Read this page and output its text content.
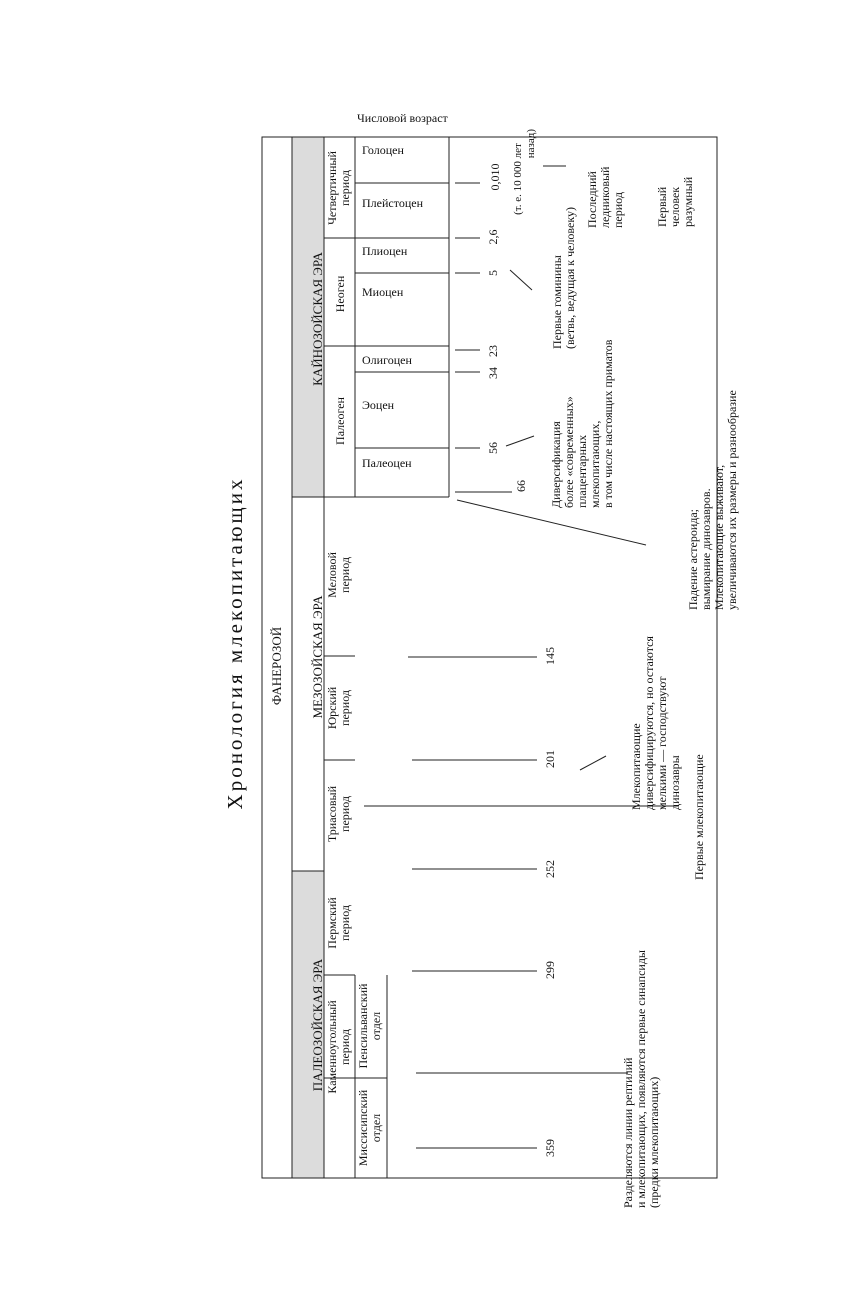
Хронология млекопитающих
Числовой возраст
ФАНЕРОЗОЙ
ПАЛЕОЗОЙСКАЯ ЭРА
МЕЗОЗОЙСКАЯ ЭРА
КАЙНОЗОЙСКАЯ ЭРА
Каменноугольный период
Пермский период
Триасовый период
Юрский период
Меловой период
Палеоген
Неоген
Четвертичный период
Миссисипский отдел
Пенсильванский отдел
Голоцен
Плейстоцен
Плиоцен
Миоцен
Олигоцен
Эоцен
Палеоцен
0,010 (т. е. 10 000 лет назад)
2,6
5
23
34
56
66
145
201
252
299
359	Разделяются линии рептилий и млекопитающих, появляются первые синапсиды (предки млекопитающих)
Первые млекопитающие
Млекопитающие диверсифицируются, но остаются мелкими — господствуют динозавры
Падение астероида; вымирание динозавров. Млекопитающие выживают, увеличиваются их размеры и разнообразие
Диверсификация более «современных» плацентарных млекопитающих, в том числе настоящих приматов
Первые гоминины (ветвь, ведущая к человеку)
Последний ледниковый период	Первый человек разумный
